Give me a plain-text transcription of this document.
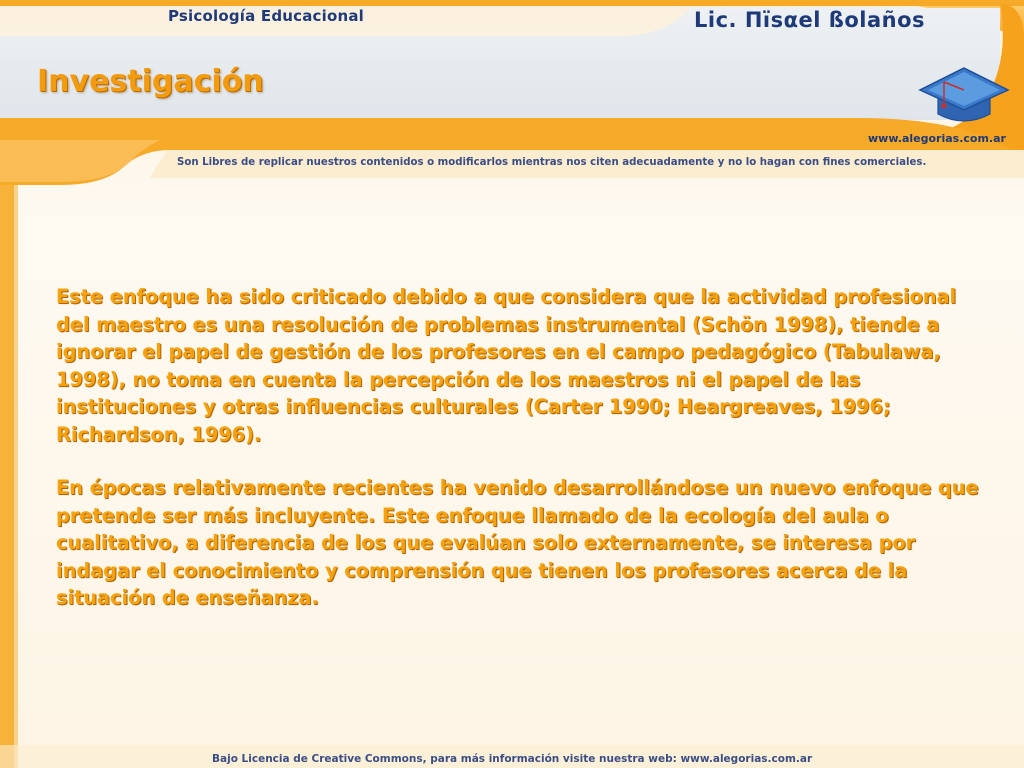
Psicología Educacional	Lic. Πïsαel ßolaños
Investigación
www.alegorias.com.ar
Son Libres de replicar nuestros contenidos o modificarlos mientras nos citen adecuadamente y no lo hagan con fines comerciales.

Este enfoque ha sido criticado debido a que considera que la actividad profesional del maestro es una resolución de problemas instrumental (Schön 1998), tiende a ignorar el papel de gestión de los profesores en el campo pedagógico (Tabulawa, 1998), no toma en cuenta la percepción de los maestros ni el papel de las instituciones y otras influencias culturales (Carter 1990; Heargreaves, 1996; Richardson, 1996).

En épocas relativamente recientes ha venido desarrollándose un nuevo enfoque que pretende ser más incluyente. Este enfoque llamado de la ecología del aula o cualitativo, a diferencia de los que evalúan solo externamente, se interesa por indagar el conocimiento y comprensión que tienen los profesores acerca de la situación de enseñanza.

Bajo Licencia de Creative Commons, para más información visite nuestra web: www.alegorias.com.ar
